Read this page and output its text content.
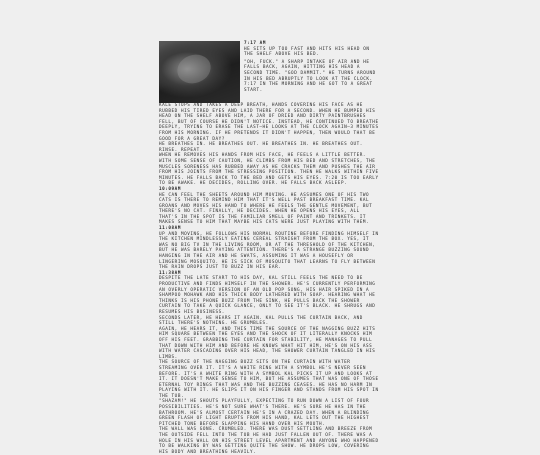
7:17 AM

HE SITS UP TOO FAST AND HITS HIS HEAD ON THE SHELF ABOVE HIS BED.

"OH, FUCK." A SHARP INTAKE OF AIR AND HE FALLS BACK, AGAIN, HITTING HIS HEAD A SECOND TIME. "GOD DAMMIT." HE TURNS AROUND IN HIS BED ABRUPTLY TO LOOK AT THE CLOCK. 7:17 IN THE MORNING AND HE GOT TO A GREAT START.

KALE STOPS AND TAKES A DEEP BREATH, HANDS COVERING HIS FACE AS HE RUBBED HIS TIRED EYES AND LAID THERE FOR A SECOND. WHEN HE BUMPED HIS HEAD ON THE SHELF ABOVE HIM, A JAR OF DRIED AND DIRTY PAINTBRUSHES FELL, BUT OF COURSE HE DIDN'T NOTICE. INSTEAD, HE CONTINUED TO BREATHE DEEPLY, TRYING TO ERASE THE LAST—HE LOOKS AT THE CLOCK AGAIN—3 MINUTES FROM HIS MORNING. IF HE PRETENDS IT DIDN'T HAPPEN, THEN WOULD THAT BE GOOD FOR A GREAT DAY?

HE BREATHES IN. HE BREATHES OUT. HE BREATHES IN. HE BREATHES OUT. RINSE. REPEAT.

WHEN HE REMOVES HIS HANDS FROM HIS FACE, HE FEELS A LITTLE BETTER. WITH SOME SENSE OF CAUTION, HE CLIMBS FROM HIS BED AND STRETCHES, THE MUSCLES SORENESS HAS RUBBED AWAY AS HE CRACKS THEM AND PUSHES THE AIR FROM HIS JOINTS FROM THE STRESSING POSITION. THEN HE WALKS WITHIN FIVE MINUTES. HE FALLS BACK TO THE BED AND GETS HIS EYES. 7:20 IS TOO EARLY TO BE AWAKE. HE DECIDES, ROLLING OVER. HE FALLS BACK ASLEEP.

10:09AM

HE CAN FEEL THE SHEETS AROUND HIM MOVING. HE ASSUMES ONE OF HIS TWO CATS IS THERE TO REMIND HIM THAT IT'S WELL PAST BREAKFAST TIME. KAL GROANS AND MOVES HIS HAND TO WHERE HE FEELS THE GENTLE MOVEMENT, BUT THERE'S NO CAT. FINALLY, HE DECIDES. WHEN HE OPENS HIS EYES, ALL THAT'S IN THE SPOT IS THE FAMILIAR SMELL OF PAINT AND TRINKETS. IT MAKES SENSE TO HIM THAT MAYBE HIS CATS WERE JUST PLAYING WITH THEM.

11:08AM

UP AND MOVING, HE FOLLOWS HIS NORMAL ROUTINE BEFORE FINDING HIMSELF IN THE KITCHEN MINDLESSLY EATING CEREAL STRAIGHT FROM THE BOX. YES, IT WAS NO BIG TV IN THE LIVING ROOM, OR AT THE THRESHOLD OF THE KITCHEN, BUT HE WAS BARELY PAYING ATTENTION. THERE'S A STRANGE BUZZING SOUND HANGING IN THE AIR AND HE SWATS, ASSUMING IT WAS A HOUSEFLY OR LINGERING MOSQUITO. HE IS SICK OF MOSQUITO THAT LEARNS TO FLY BETWEEN THE RAIN DROPS JUST TO BUZZ IN HIS EAR.

11:38AM

DESPITE THE LATE START TO HIS DAY, KAL STILL FEELS THE NEED TO BE PRODUCTIVE AND FINDS HIMSELF IN THE SHOWER. HE'S CURRENTLY PERFORMING AN OVERLY OPERATIC VERSION OF AN OLD POP SONG, HIS HAIR SPIKED IN A SHAMPOO MOHAWK AND HIS THICK BODY LATHERED WITH SOAP. HEARING WHAT HE THINKS IS HIS PHONE BUZZ FROM THE SINK, HE PULLS BACK THE SHOWER CURTAIN TO TAKE A QUICK GLANCE, ONLY TO SEE IT'S BLACK. HE SHRUGS AND RESUMES HIS BUSINESS.

SECONDS LATER, HE HEARS IT AGAIN. KAL PULLS THE CURTAIN BACK, AND STILL THERE'S NOTHING. HE GRUMBLES.

AGAIN, HE HEARS IT, AND THIS TIME THE SOURCE OF THE NAGGING BUZZ HITS HIM SQUARE BETWEEN THE EYES AND THE SHOCK OF IT LITERALLY KNOCKS HIM OFF HIS FEET. GRABBING THE CURTAIN FOR STABILITY, HE MANAGES TO PULL THAT DOWN WITH HIM AND BEFORE HE KNOWS WHAT HIT HIM, HE'S ON HIS ASS WITH WATER CASCADING OVER HIS HEAD, THE SHOWER CURTAIN TANGLED IN HIS LIMBS.

THE SOURCE OF THE NAGGING BUZZ SITS ON THE CURTAIN WITH WATER STREAMING OVER IT. IT'S A WHITE RING WITH A SYMBOL HE'S NEVER SEEN BEFORE. IT'S A WHITE RING WITH A SYMBOL KAL PICKS IT UP AND LOOKS AT IT. IT DOESN'T MAKE SENSE TO HIM, BUT HE ASSUMES THAT WAS ONE OF THOSE ETERNAL TOY RINGS THAT WAS AND THE BUZZING CEASES. HE HAS NO HARM IN PLAYING WITH IT. HE SLIPS IT ON HIS FINGER AND STANDS FROM HIS SPOT IN THE TUB.

"SHAZAM!" HE SHOUTS PLAYFULLY, EXPECTING TO RUN DOWN A LIST OF FOUR POSSIBILITIES. HE'S NOT SURE WHAT'S THERE. HE'S SURE HE HAS IN THE BATHROOM. HE'S ALMOST CERTAIN HE'S IN A CRAZED DAY. WHEN A BLINDING GREEN FLASH OF LIGHT ERUPTS FROM HIS HAND, KAL LETS OUT THE HIGHEST PITCHED TONE BEFORE SLAPPING HIS HAND OVER HIS MOUTH.

THE WALL WAS GONE. CRUMBLED. THERE WAS DUST SETTLING AND BREEZE FROM THE OUTSIDE FELL INTO THE TUB HE HAD JUST FALLEN OUT OF. THERE WAS A HOLE IN HIS WALL ON HIS STREET LEVEL APARTMENT AND ANYONE WHO HAPPENED TO BE WALKING BY WAS GETTING QUITE THE SHOW. HE DROPS LOW, COVERING HIS BODY AND BREATHING HEAVILY.
